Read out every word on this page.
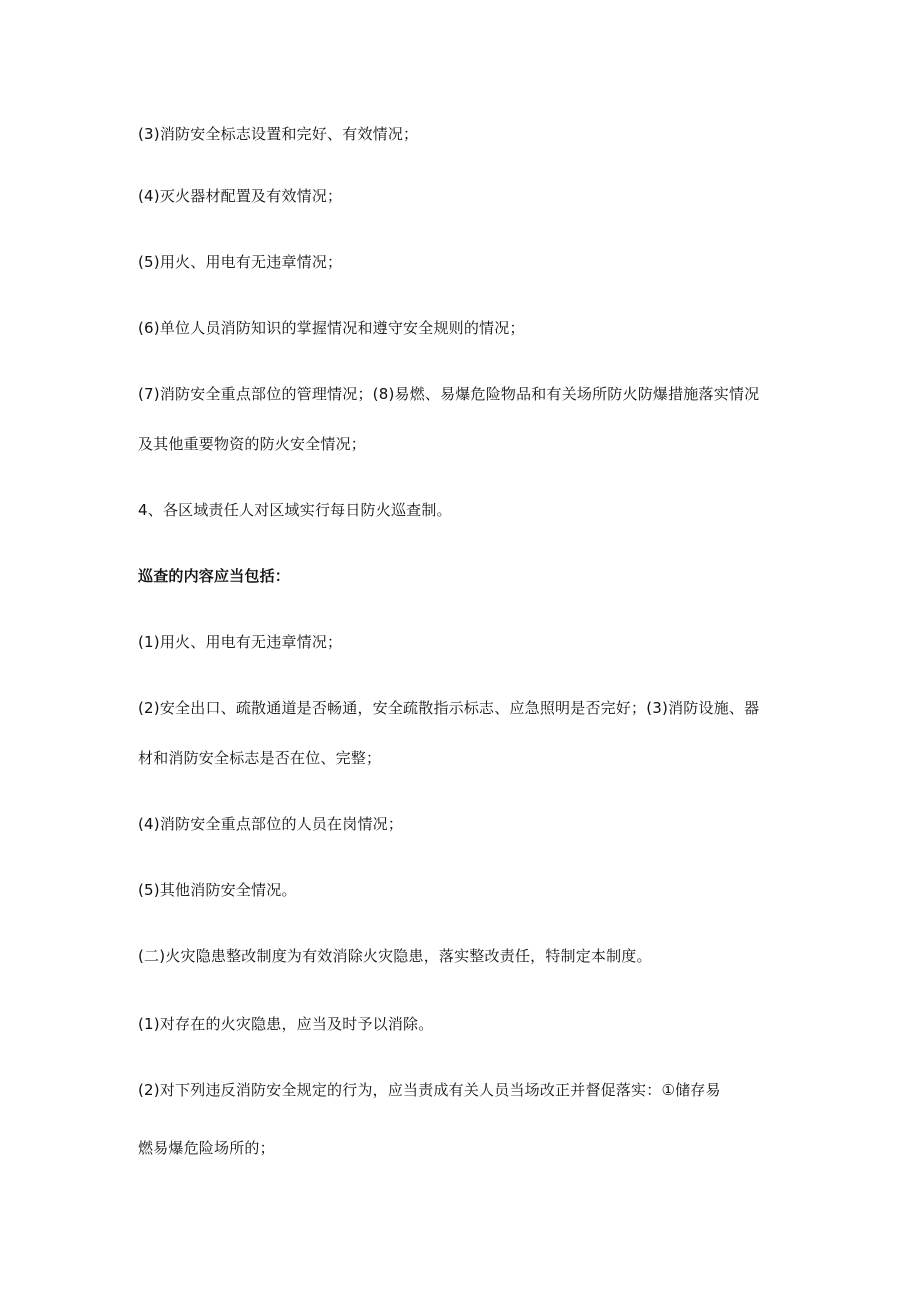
(3)消防安全标志设置和完好、有效情况；
(4)灭火器材配置及有效情况；
(5)用火、用电有无违章情况；
(6)单位人员消防知识的掌握情况和遵守安全规则的情况；
(7)消防安全重点部位的管理情况；(8)易燃、易爆危险物品和有关场所防火防爆措施落实情况
及其他重要物资的防火安全情况；
4、各区域责任人对区域实行每日防火巡查制。
巡查的内容应当包括：
(1)用火、用电有无违章情况；
(2)安全出口、疏散通道是否畅通，安全疏散指示标志、应急照明是否完好；(3)消防设施、器
材和消防安全标志是否在位、完整；
(4)消防安全重点部位的人员在岗情况；
(5)其他消防安全情况。
(二)火灾隐患整改制度为有效消除火灾隐患，落实整改责任，特制定本制度。
(1)对存在的火灾隐患，应当及时予以消除。
(2)对下列违反消防安全规定的行为，应当责成有关人员当场改正并督促落实：①储存易
燃易爆危险场所的；
